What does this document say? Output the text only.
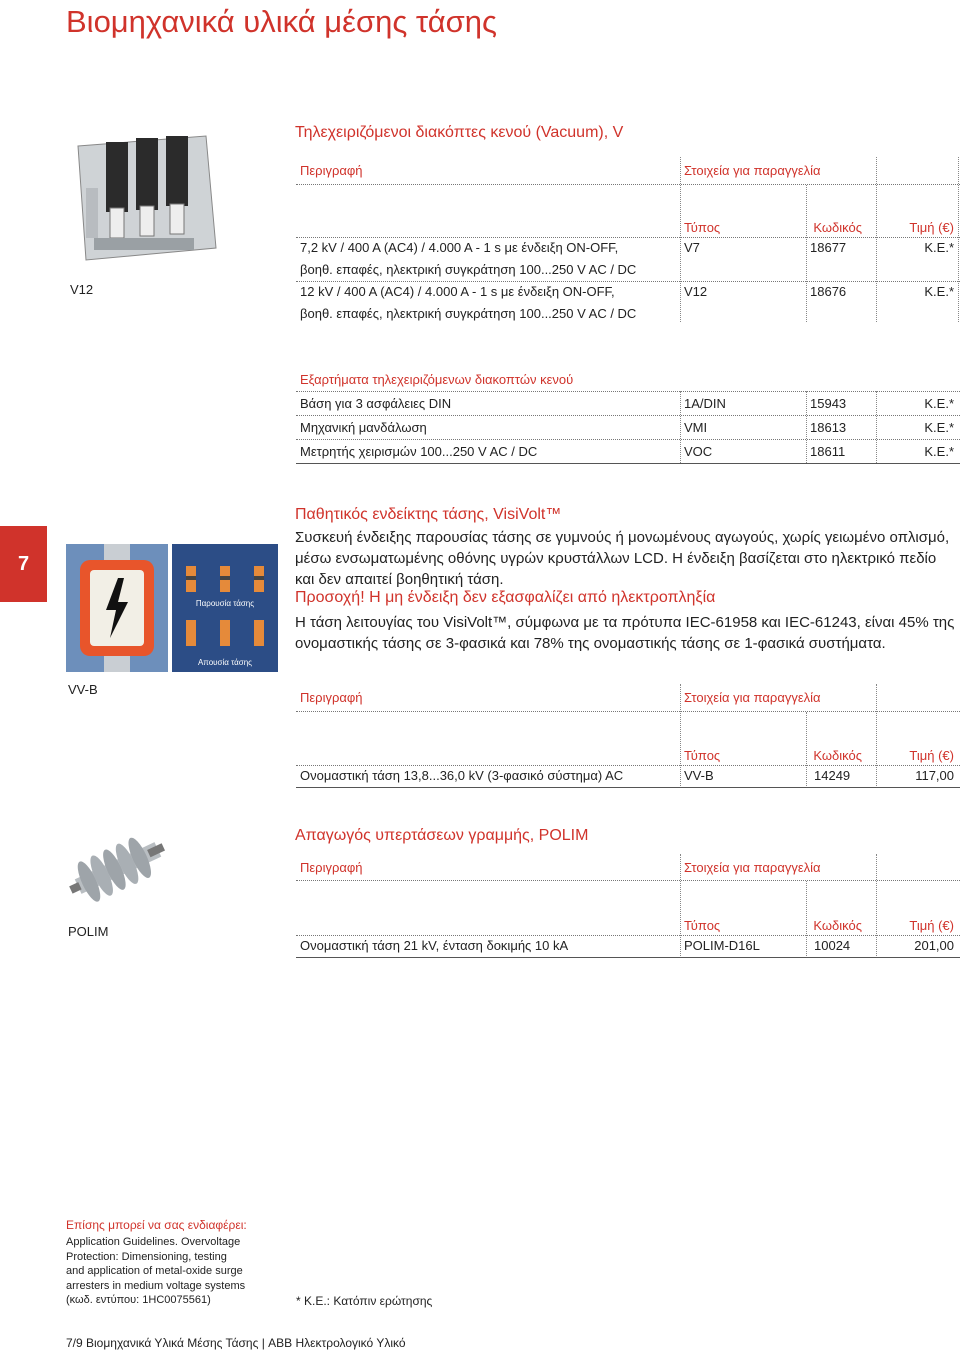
Βιομηχανικά υλικά μέσης τάσης
7
V12
Τηλεχειριζόμενοι διακόπτες κενού (Vacuum), V
Περιγραφή	Στοιχεία για παραγγελία
Τύπος	Κωδικός	Τιμή (€)
7,2 kV / 400 A (AC4) / 4.000 A - 1 s με ένδειξη ON-OFF,
βοηθ. επαφές, ηλεκτρική συγκράτηση 100...250 V AC / DC
V7	18677	Κ.Ε.*
12 kV / 400 A (AC4) / 4.000 A - 1 s με ένδειξη ON-OFF,
βοηθ. επαφές, ηλεκτρική συγκράτηση 100...250 V AC / DC
V12	18676	Κ.Ε.*
Εξαρτήματα τηλεχειριζόμενων διακοπτών κενού
Βάση για 3 ασφάλειες DIN	1A/DIN	15943	Κ.Ε.*
Μηχανική μανδάλωση	VMI	18613	Κ.Ε.*
Μετρητής χειρισμών 100...250 V AC / DC	VOC	18611	Κ.Ε.*
Παρουσία τάσης
Απουσία τάσης
VV-B
Παθητικός ενδείκτης τάσης, VisiVolt™
Συσκευή ένδειξης παρουσίας τάσης σε γυμνούς ή μονωμένους αγωγούς, χωρίς γειωμένο οπλισμό, μέσω ενσωματωμένης οθόνης υγρών κρυστάλλων LCD. Η ένδειξη βασίζεται στο ηλεκτρικό πεδίο και δεν απαιτεί βοηθητική τάση.
Προσοχή! Η μη ένδειξη δεν εξασφαλίζει από ηλεκτροπληξία
Η τάση λειτουγίας του VisiVolt™, σύμφωνα με τα πρότυπα IEC-61958 και IEC-61243, είναι 45% της ονομαστικής τάσης σε 3-φασικά και 78% της ονομαστικής τάσης σε 1-φασικά συστήματα.
Περιγραφή	Στοιχεία για παραγγελία
Τύπος	Κωδικός	Τιμή (€)
Ονομαστική τάση 13,8...36,0 kV (3-φασικό σύστημα) AC	VV-B	14249	117,00
POLIM
Απαγωγός υπερτάσεων γραμμής, POLIM
Περιγραφή	Στοιχεία για παραγγελία
Τύπος	Κωδικός	Τιμή (€)
Ονομαστική τάση 21 kV, ένταση δοκιμής 10 kA	POLIM-D16L	10024	201,00
Επίσης μπορεί να σας ενδιαφέρει:
Application Guidelines. Overvoltage
Protection: Dimensioning, testing
and application of metal-oxide surge
arresters in medium voltage systems
(κωδ. εντύπου: 1HC0075561)	* Κ.Ε.: Κατόπιν ερώτησης
7/9 Βιομηχανικά Υλικά Μέσης Τάσης | ABB Ηλεκτρολογικό Υλικό
